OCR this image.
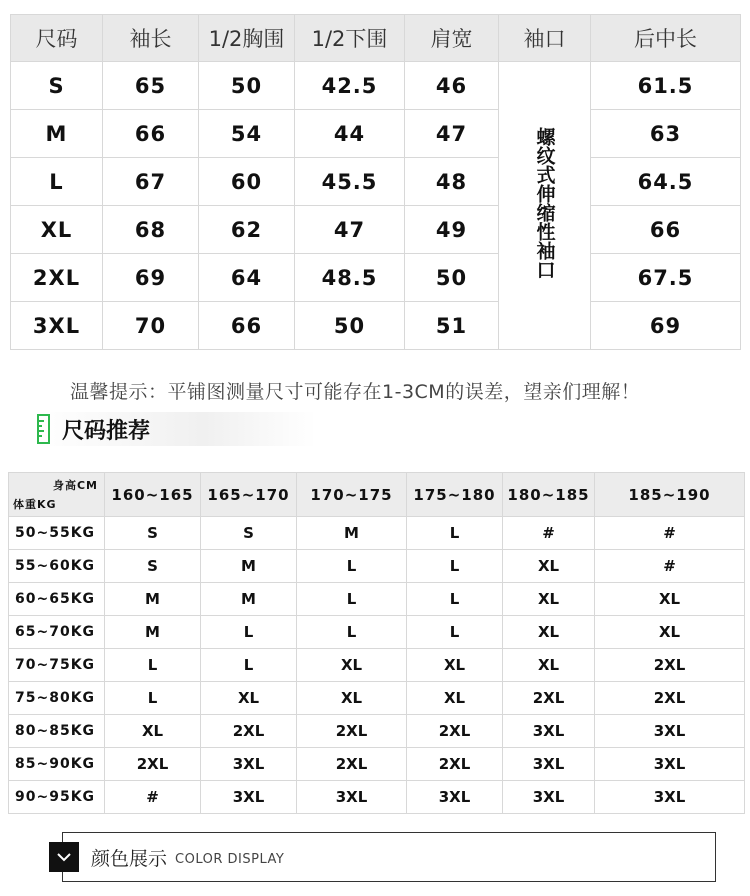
尺码	袖长	1/2胸围	1/2下围	肩宽	袖口	后中长
S	65	50	42.5	46	螺纹式伸缩性袖口	61.5
M	66	54	44	47		63
L	67	60	45.5	48		64.5
XL	68	62	47	49		66
2XL	69	64	48.5	50		67.5
3XL	70	66	50	51		69
温馨提示：平铺图测量尺寸可能存在1-3CM的误差，望亲们理解！
尺码推荐
身高CM
体重KG	160~165	165~170	170~175	175~180	180~185	185~190
50~55KG	S	S	M	L	#	#
55~60KG	S	M	L	L	XL	#
60~65KG	M	M	L	L	XL	XL
65~70KG	M	L	L	L	XL	XL
70~75KG	L	L	XL	XL	XL	2XL
75~80KG	L	XL	XL	XL	2XL	2XL
80~85KG	XL	2XL	2XL	2XL	3XL	3XL
85~90KG	2XL	3XL	2XL	2XL	3XL	3XL
90~95KG	#	3XL	3XL	3XL	3XL	3XL
颜色展示 COLOR DISPLAY
